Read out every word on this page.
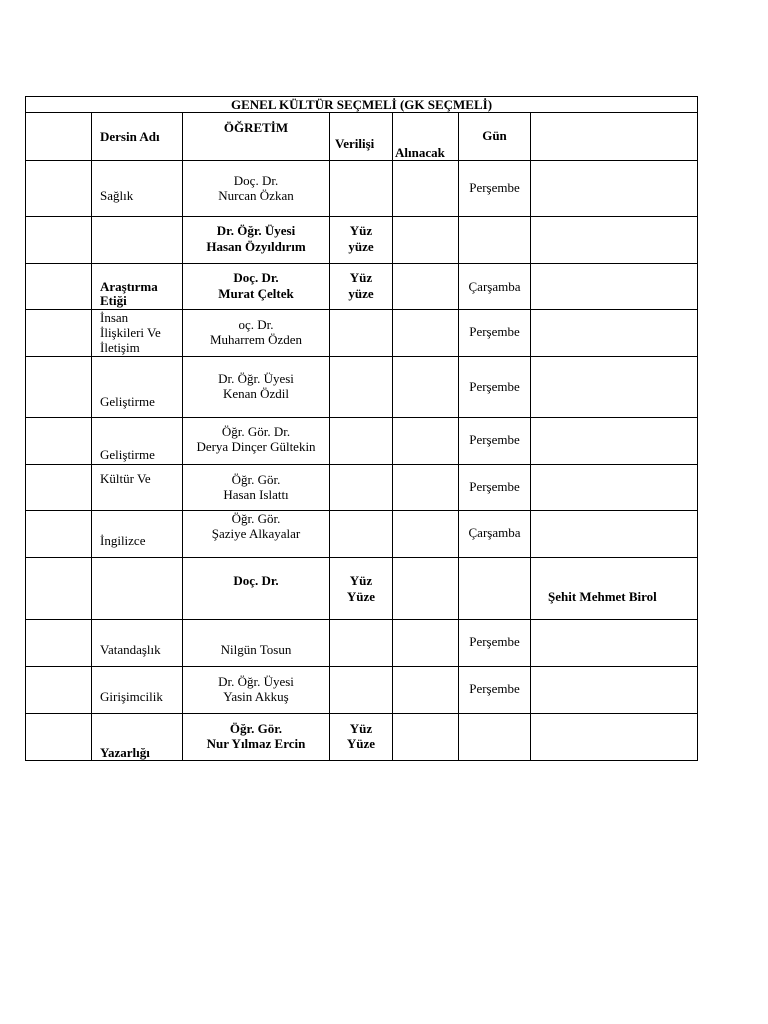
GENEL KÜLTÜR SEÇMELİ (GK SEÇMELİ)						

	Dersin Adı	ÖĞRETİM	Verilişi	Alınacak	Gün	

	Sağlık	Doç. Dr.
Nurcan Özkan			Perşembe	

		Dr. Öğr. Üyesi
Hasan Özyıldırım	Yüz
yüze			

	Araştırma
Etiği	Doç. Dr.
Murat Çeltek	Yüz
yüze		Çarşamba	

	İnsan
İlişkileri Ve
İletişim	oç. Dr.
Muharrem Özden			Perşembe	

	Geliştirme	Dr. Öğr. Üyesi
Kenan Özdil			Perşembe	

	Geliştirme	Öğr. Gör. Dr.
Derya Dinçer Gültekin			Perşembe	

	Kültür Ve	Öğr. Gör.
Hasan Islattı			Perşembe	

	İngilizce	Öğr. Gör.
Şaziye Alkayalar			Çarşamba	

		Doç. Dr.	Yüz
Yüze			Şehit Mehmet Birol

	Vatandaşlık	Nilgün Tosun			Perşembe	

	Girişimcilik	Dr. Öğr. Üyesi
Yasin Akkuş			Perşembe	

	Yazarlığı	Öğr. Gör.
Nur Yılmaz Ercin	Yüz
Yüze			
